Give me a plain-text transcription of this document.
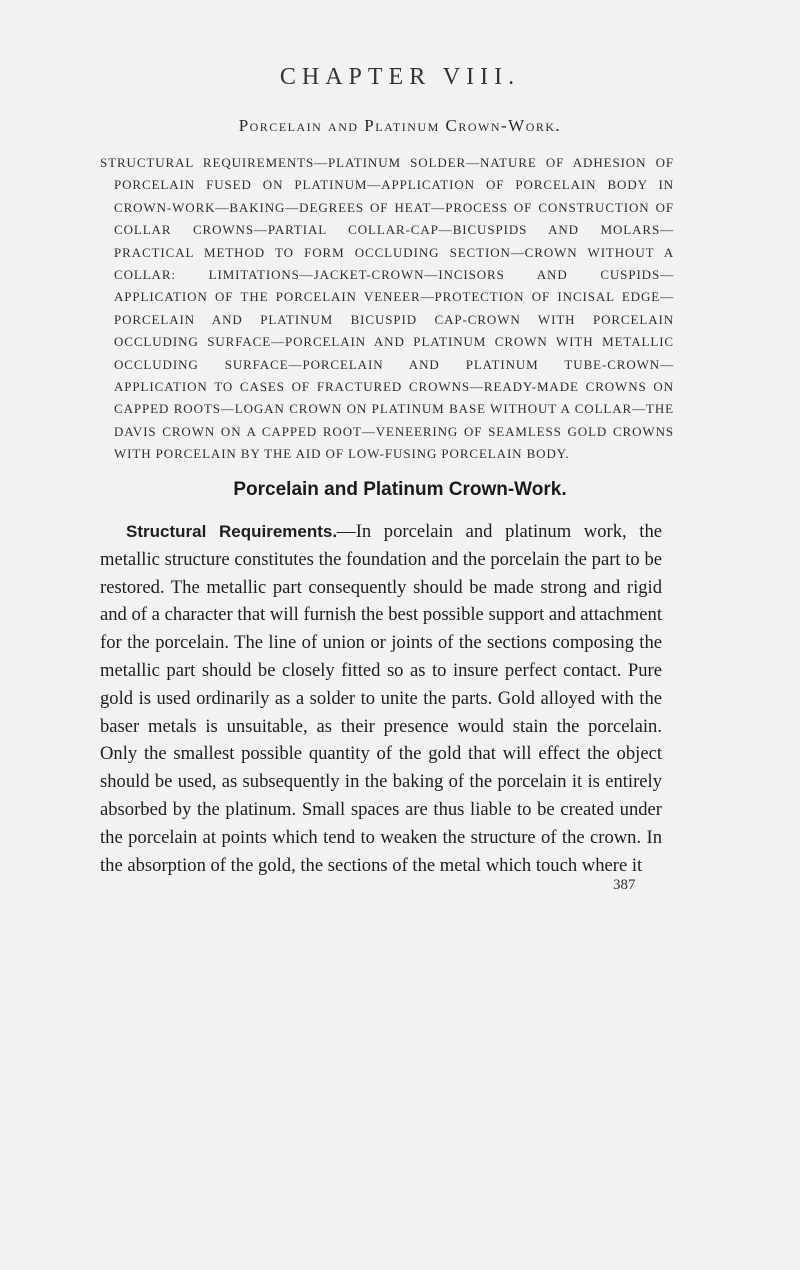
CHAPTER VIII.
Porcelain and Platinum Crown-Work.
STRUCTURAL REQUIREMENTS—PLATINUM SOLDER—NATURE OF ADHESION OF PORCELAIN FUSED ON PLATINUM—APPLICATION OF PORCELAIN BODY IN CROWN-WORK—BAKING—DEGREES OF HEAT—PROCESS OF CONSTRUCTION OF COLLAR CROWNS—PARTIAL COLLAR-CAP—BICUSPIDS AND MOLARS—PRACTICAL METHOD TO FORM OCCLUDING SECTION—CROWN WITHOUT A COLLAR: LIMITATIONS—JACKET-CROWN—INCISORS AND CUSPIDS—APPLICATION OF THE PORCELAIN VENEER—PROTECTION OF INCISAL EDGE—PORCELAIN AND PLATINUM BICUSPID CAP-CROWN WITH PORCELAIN OCCLUDING SURFACE—PORCELAIN AND PLATINUM CROWN WITH METALLIC OCCLUDING SURFACE—PORCELAIN AND PLATINUM TUBE-CROWN—APPLICATION TO CASES OF FRACTURED CROWNS—READY-MADE CROWNS ON CAPPED ROOTS—LOGAN CROWN ON PLATINUM BASE WITHOUT A COLLAR—THE DAVIS CROWN ON A CAPPED ROOT—VENEERING OF SEAMLESS GOLD CROWNS WITH PORCELAIN BY THE AID OF LOW-FUSING PORCELAIN BODY.
Porcelain and Platinum Crown-Work.
Structural Requirements.—In porcelain and platinum work, the metallic structure constitutes the foundation and the porcelain the part to be restored. The metallic part consequently should be made strong and rigid and of a character that will furnish the best possible support and attachment for the porcelain. The line of union or joints of the sections composing the metallic part should be closely fitted so as to insure perfect contact. Pure gold is used ordinarily as a solder to unite the parts. Gold alloyed with the baser metals is unsuitable, as their presence would stain the porcelain. Only the smallest possible quantity of the gold that will effect the object should be used, as subsequently in the baking of the porcelain it is entirely absorbed by the platinum. Small spaces are thus liable to be created under the porcelain at points which tend to weaken the structure of the crown. In the absorption of the gold, the sections of the metal which touch where it
387
